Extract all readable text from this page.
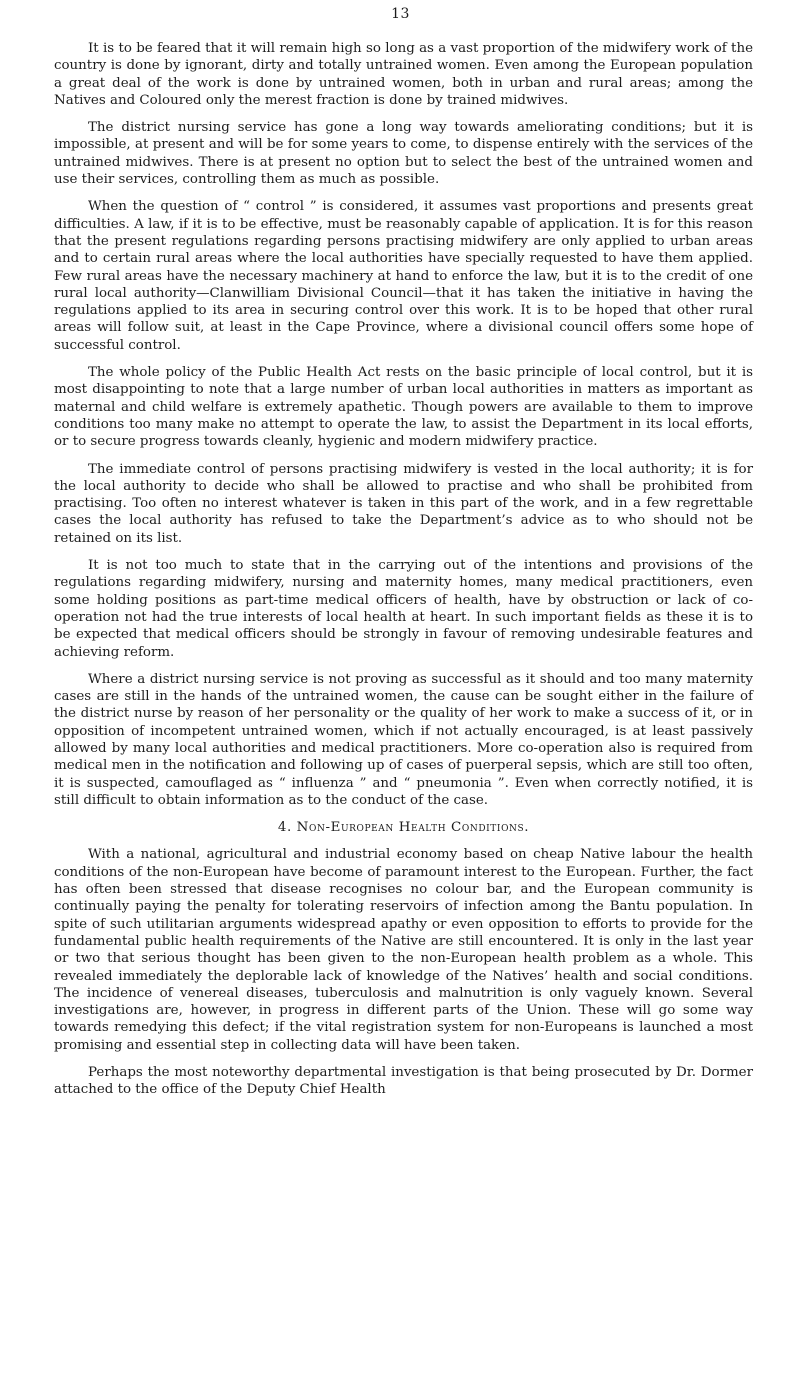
13

It is to be feared that it will remain high so long as a vast proportion of the midwifery work of the country is done by ignorant, dirty and totally untrained women. Even among the European population a great deal of the work is done by untrained women, both in urban and rural areas; among the Natives and Coloured only the merest fraction is done by trained midwives.

The district nursing service has gone a long way towards ameliorating conditions; but it is impossible, at present and will be for some years to come, to dispense entirely with the services of the untrained midwives. There is at present no option but to select the best of the untrained women and use their services, controlling them as much as possible.

When the question of “ control ” is considered, it assumes vast proportions and presents great difficulties. A law, if it is to be effective, must be reasonably capable of application. It is for this reason that the present regulations regarding persons practising midwifery are only applied to urban areas and to certain rural areas where the local authorities have specially requested to have them applied. Few rural areas have the necessary machinery at hand to enforce the law, but it is to the credit of one rural local authority—Clanwilliam Divisional Council—that it has taken the initiative in having the regulations applied to its area in securing control over this work. It is to be hoped that other rural areas will follow suit, at least in the Cape Province, where a divisional council offers some hope of successful control.

The whole policy of the Public Health Act rests on the basic principle of local control, but it is most disappointing to note that a large number of urban local authorities in matters as important as maternal and child welfare is extremely apathetic. Though powers are available to them to improve conditions too many make no attempt to operate the law, to assist the Department in its local efforts, or to secure progress towards cleanly, hygienic and modern midwifery practice.

The immediate control of persons practising midwifery is vested in the local authority; it is for the local authority to decide who shall be allowed to practise and who shall be prohibited from practising. Too often no interest whatever is taken in this part of the work, and in a few regrettable cases the local authority has refused to take the Department’s advice as to who should not be retained on its list.

It is not too much to state that in the carrying out of the intentions and provisions of the regulations regarding midwifery, nursing and maternity homes, many medical practitioners, even some holding positions as part-time medical officers of health, have by obstruction or lack of co-operation not had the true interests of local health at heart. In such important fields as these it is to be expected that medical officers should be strongly in favour of removing undesirable features and achieving reform.

Where a district nursing service is not proving as successful as it should and too many maternity cases are still in the hands of the untrained women, the cause can be sought either in the failure of the district nurse by reason of her personality or the quality of her work to make a success of it, or in opposition of incompetent untrained women, which if not actually encouraged, is at least passively allowed by many local authorities and medical practitioners. More co-operation also is required from medical men in the notification and following up of cases of puerperal sepsis, which are still too often, it is suspected, camouflaged as “ influenza ” and “ pneumonia ”. Even when correctly notified, it is still difficult to obtain information as to the conduct of the case.

4. Non-European Health Conditions.

With a national, agricultural and industrial economy based on cheap Native labour the health conditions of the non-European have become of paramount interest to the European. Further, the fact has often been stressed that disease recognises no colour bar, and the European community is continually paying the penalty for tolerating reservoirs of infection among the Bantu population. In spite of such utilitarian arguments widespread apathy or even opposition to efforts to provide for the fundamental public health requirements of the Native are still encountered. It is only in the last year or two that serious thought has been given to the non-European health problem as a whole. This revealed immediately the deplorable lack of knowledge of the Natives’ health and social conditions. The incidence of venereal diseases, tuberculosis and malnutrition is only vaguely known. Several investigations are, however, in progress in different parts of the Union. These will go some way towards remedying this defect; if the vital registration system for non-Europeans is launched a most promising and essential step in collecting data will have been taken.

Perhaps the most noteworthy departmental investigation is that being prosecuted by Dr. Dormer attached to the office of the Deputy Chief Health
